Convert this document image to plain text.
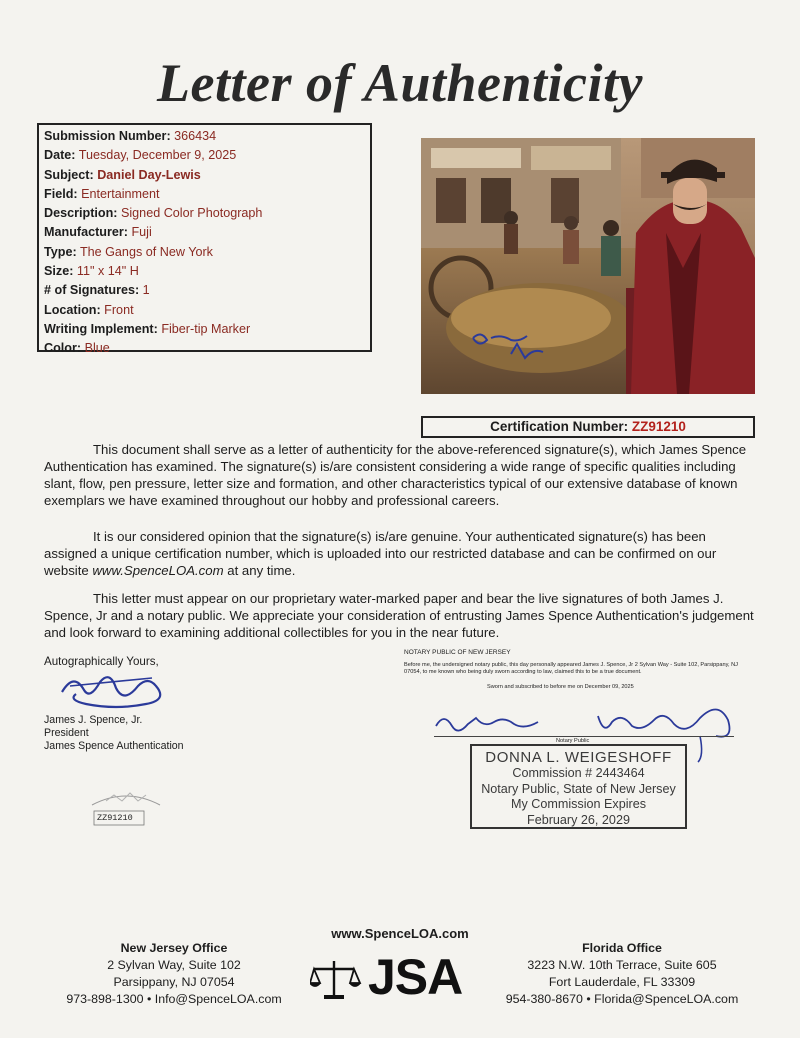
Letter of Authenticity
Submission Number: 366434
Date: Tuesday, December 9, 2025
Subject: Daniel Day-Lewis
Field: Entertainment
Description: Signed Color Photograph
Manufacturer: Fuji
Type: The Gangs of New York
Size: 11" x 14" H
# of Signatures: 1
Location: Front
Writing Implement: Fiber-tip Marker
Color: Blue
Certification Number: ZZ91210

This document shall serve as a letter of authenticity for the above-referenced signature(s), which James Spence Authentication has examined. The signature(s) is/are consistent considering a wide range of specific qualities including slant, flow, pen pressure, letter size and formation, and other characteristics typical of our extensive database of known exemplars we have examined throughout our hobby and professional careers.

It is our considered opinion that the signature(s) is/are genuine. Your authenticated signature(s) has been assigned a unique certification number, which is uploaded into our restricted database and can be confirmed on our website www.SpenceLOA.com at any time.

This letter must appear on our proprietary water-marked paper and bear the live signatures of both James J. Spence, Jr and a notary public. We appreciate your consideration of entrusting James Spence Authentication's judgement and look forward to examining additional collectibles for you in the near future.

Autographically Yours,
James J. Spence, Jr.
President
James Spence Authentication
ZZ91210
NOTARY PUBLIC OF NEW JERSEY
Before me, the undersigned notary public, this day personally appeared James J. Spence, Jr 2 Sylvan Way - Suite 102, Parsippany, NJ 07054, to me known who being duly sworn according to law, claimed this to be a true document.
Sworn and subscribed to before me on December 09, 2025
Notary Public
DONNA L. WEIGESHOFF
Commission # 2443464
Notary Public, State of New Jersey
My Commission Expires
February 26, 2029
www.SpenceLOA.com
New Jersey Office
2 Sylvan Way, Suite 102
Parsippany, NJ 07054
973-898-1300 • Info@SpenceLOA.com	JSA
Florida Office
3223 N.W. 10th Terrace, Suite 605
Fort Lauderdale, FL 33309
954-380-8670 • Florida@SpenceLOA.com
